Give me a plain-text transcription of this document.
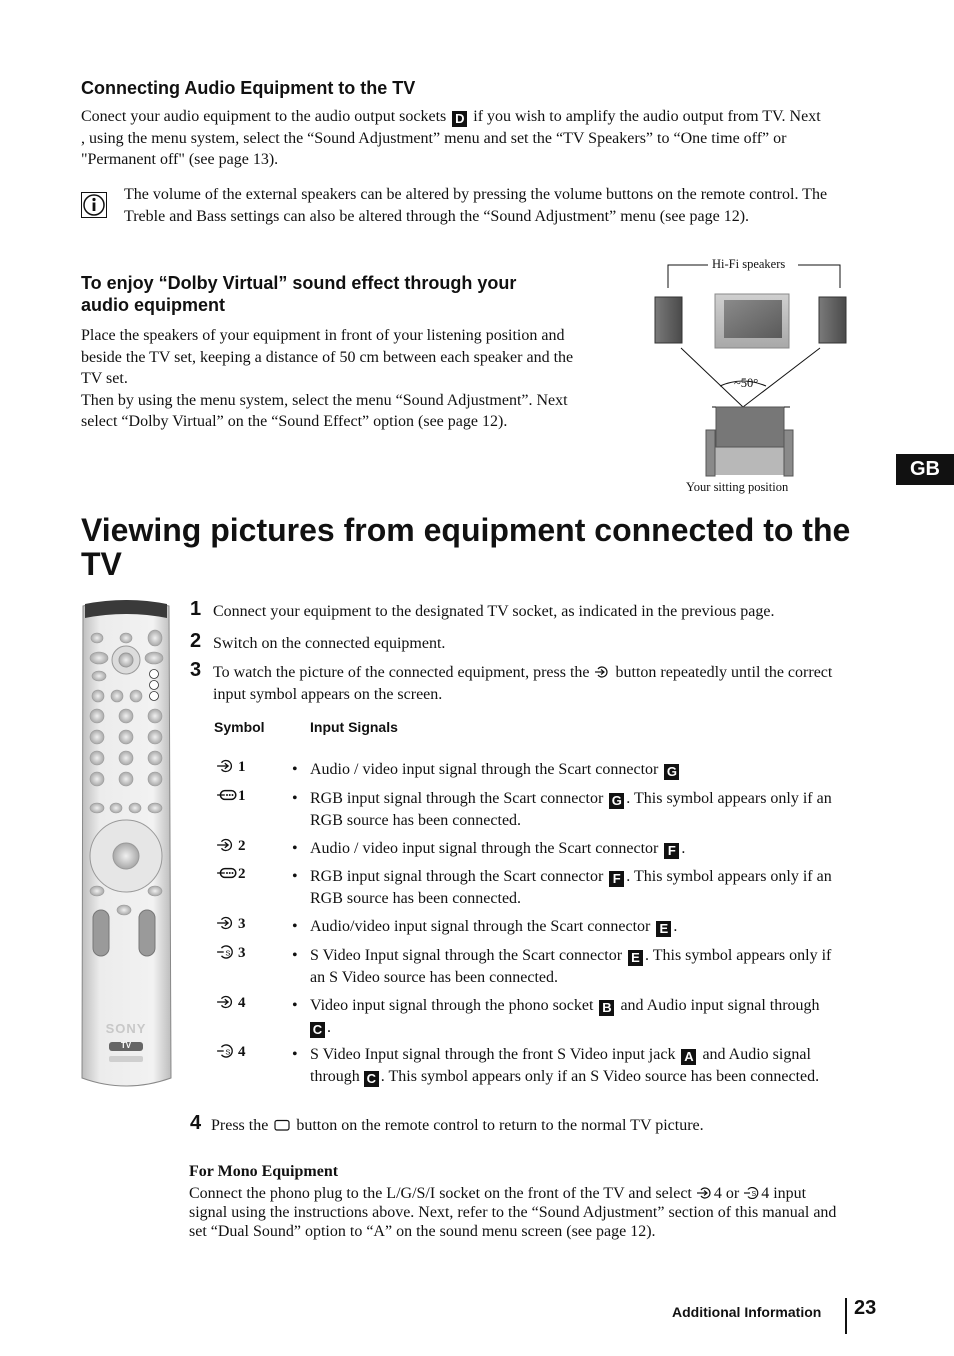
Connecting Audio Equipment to the TV
Conect your audio equipment to the audio output sockets D if you wish to amplify the audio output from TV. Next
, using the menu system, select the “Sound Adjustment” menu and set the “TV Speakers” to “One time off” or
"Permanent off" (see page 13).
The volume of the external speakers can be altered by pressing the volume buttons on the remote control. The
Treble and Bass settings can also be altered through the “Sound Adjustment” menu (see page 12).
To enjoy “Dolby Virtual” sound effect through your
audio equipment
Place the speakers of your equipment in front of your listening position and
beside the TV set, keeping a distance of 50 cm between each speaker and the
TV set.
Then by using the menu system, select the menu “Sound Adjustment”. Next
select “Dolby Virtual” on the “Sound Effect” option (see page 12).
Hi-Fi speakers
~50°
Your sitting position
GB
Viewing pictures from equipment connected to the
TV
SONY
TV
1 Connect your equipment to the designated TV socket, as indicated in the previous page.
2 Switch on the connected equipment.
3 To watch the picture of the connected equipment, press the button repeatedly until the correct
input symbol appears on the screen.
Symbol	Input Signals
1	• Audio / video input signal through the Scart connector G
1	• RGB input signal through the Scart connector G . This symbol appears only if an
RGB source has been connected.
2	• Audio / video input signal through the Scart connector F .
2	• RGB input signal through the Scart connector F . This symbol appears only if an
RGB source has been connected.
3	• Audio/video input signal through the Scart connector E .
S 3	• S Video Input signal through the Scart connector E . This symbol appears only if
an S Video source has been connected.
4	• Video input signal through the phono socket B and Audio input signal through
C .
S 4	• S Video Input signal through the front S Video input jack A and Audio signal
through C . This symbol appears only if an S Video source has been connected.
4 Press the button on the remote control to return to the normal TV picture.
For Mono Equipment
Connect the phono plug to the L/G/S/I socket on the front of the TV and select 4 or S 4 input
signal using the instructions above. Next, refer to the “Sound Adjustment” section of this manual and
set “Dual Sound” option to “A” on the sound menu screen (see page 12).
Additional Information 23
